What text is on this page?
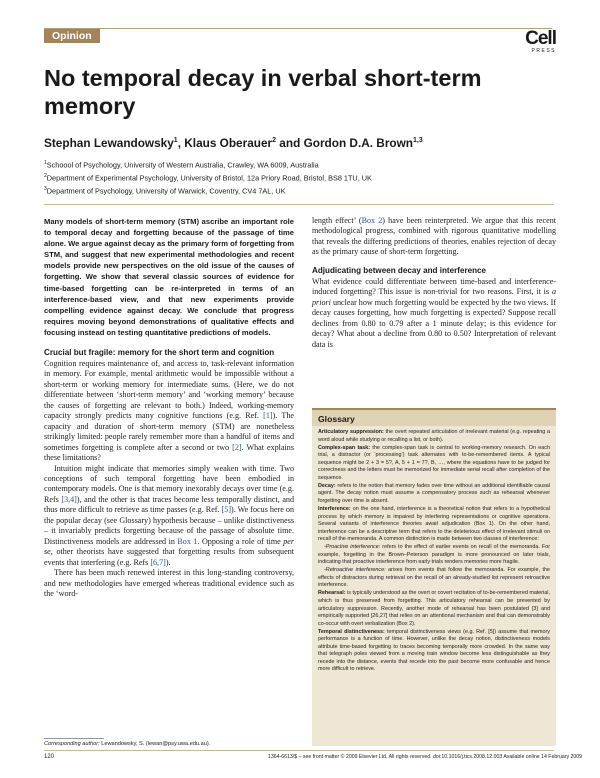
Opinion	Cell
PRESS
No temporal decay in verbal short-term memory
Stephan Lewandowsky$^1$, Klaus Oberauer$^2$ and Gordon D.A. Brown$^{1,3}$
$^1$Schoool of Psychology, University of Western Australia, Crawley, WA 6009, Australia
$^2$Department of Experimental Psychology, University of Bristol, 12a Priory Road, Bristol, BS8 1TU, UK
$^3$Department of Psychology, University of Warwick, Coventry, CV4 7AL, UK

Many models of short-term memory (STM) ascribe an important role to temporal decay and forgetting because of the passage of time alone. We argue against decay as the primary form of forgetting from STM, and suggest that new experimental methodologies and recent models provide new perspectives on the old issue of the causes of forgetting. We show that several classic sources of evidence for time-based forgetting can be re-interpreted in terms of an interference-based view, and that new experiments provide compelling evidence against decay. We conclude that progress requires moving beyond demonstrations of qualitative effects and focusing instead on testing quantitative predictions of models.

Crucial but fragile: memory for the short term and cognition

Cognition requires maintenance of, and access to, task-relevant information in memory. For example, mental arithmetic would be impossible without a short-term or working memory for intermediate sums. (Here, we do not differentiate between ‘short-term memory’ and ‘working memory’ because the causes of forgetting are relevant to both.) Indeed, working-memory capacity strongly predicts many cognitive functions (e.g. Ref. [1]). The capacity and duration of short-term memory (STM) are nonetheless strikingly limited: people rarely remember more than a handful of items and sometimes forgetting is complete after a second or two [2]. What explains these limitations?

Intuition might indicate that memories simply weaken with time. Two conceptions of such temporal forgetting have been embodied in contemporary models. One is that memory inexorably decays over time (e.g. Refs [3,4]), and the other is that traces become less temporally distinct, and thus more difficult to retrieve as time passes (e.g. Ref. [5]). We focus here on the popular decay (see Glossary) hypothesis because – unlike distinctiveness – it invariably predicts forgetting because of the passage of absolute time. Distinctiveness models are addressed in Box 1. Opposing a role of time per se, other theorists have suggested that forgetting results from subsequent events that interfering (e.g. Refs [6,7]).

There has been much renewed interest in this long-standing controversy, and new methodologies have emerged whereas traditional evidence such as the ‘word-

length effect’ (Box 2) have been reinterpreted. We argue that this recent methodological progress, combined with rigorous quantitative modelling that reveals the differing predictions of theories, enables rejection of decay as the primary cause of short-term forgetting.

Adjudicating between decay and interference

What evidence could differentiate between time-based and interference-induced forgetting? This issue is non-trivial for two reasons. First, it is a priori unclear how much forgetting would be expected by the two views. If decay causes forgetting, how much forgetting is expected? Suppose recall declines from 0.80 to 0.79 after a 1 minute delay; is this evidence for decay? What about a decline from 0.80 to 0.50? Interpretation of relevant data is

Glossary

Articulatory suppression: the overt repeated articulation of irrelevant material (e.g. repeating a word aloud while studying or recalling a list, or both).

Complex-span task: the complex-span task is central to working-memory research. On each trial, a distractor (or ‘processing’) task alternates with to-be-remembered items. A typical sequence might be 2 + 3 = 5?, A, 5 + 1 = 7?, B, …, where the equations have to be judged for correctness and the letters must be memorized for immediate serial recall after completion of the sequence.

Decay: refers to the notion that memory fades over time without an additional identifiable causal agent. The decay notion must assume a compensatory process such as rehearsal whenever forgetting over time is absent.

Interference: on the one hand, interference is a theoretical notion that refers to a hypothetical process by which memory is impaired by interfering representations or cognitive operations. Several variants of interference theories await adjudication (Box 1). On the other hand, interference can be a descriptive term that refers to the deleterious effect of irrelevant stimuli on recall of the memoranda. A common distinction is made between two classes of interference:

-Proactive interference: refers to the effect of earlier events on recall of the memoranda. For example, forgetting in the Brown–Peterson paradigm is more pronounced on later trials, indicating that proactive interference from early trials renders memories more fragile.

-Retroactive interference: arises from events that follow the memoranda. For example, the effects of distractors during retrieval on the recall of an already-studied list represent retroactive interference.

Rehearsal: is typically understood as the overt or covert recitation of to-be-remembered material, which is thus preserved from forgetting. This articulatory rehearsal can be prevented by articulatory suppression. Recently, another mode of rehearsal has been postulated [3] and empirically supported [26,27] that relies on an attentional mechanism and that can demonstrably co-occur with overt verbalization (Box 2).

Temporal distinctiveness: temporal distinctiveness views (e.g. Ref. [5]) assume that memory performance is a function of time. However, unlike the decay notion, distinctiveness models attribute time-based forgetting to traces becoming temporally more crowded. In the same way that telegraph poles viewed from a moving train window become less distinguishable as they recede into the distance, events that recede into the past become more confusable and hence more difficult to retrieve.

Corresponding author: Lewandowsky, S. (lewan@psy.uwa.edu.au).
120	1364-6613/$ – see front matter © 2009 Elsevier Ltd. All rights reserved. doi:10.1016/j.tics.2008.12.003 Available online 14 February 2009
